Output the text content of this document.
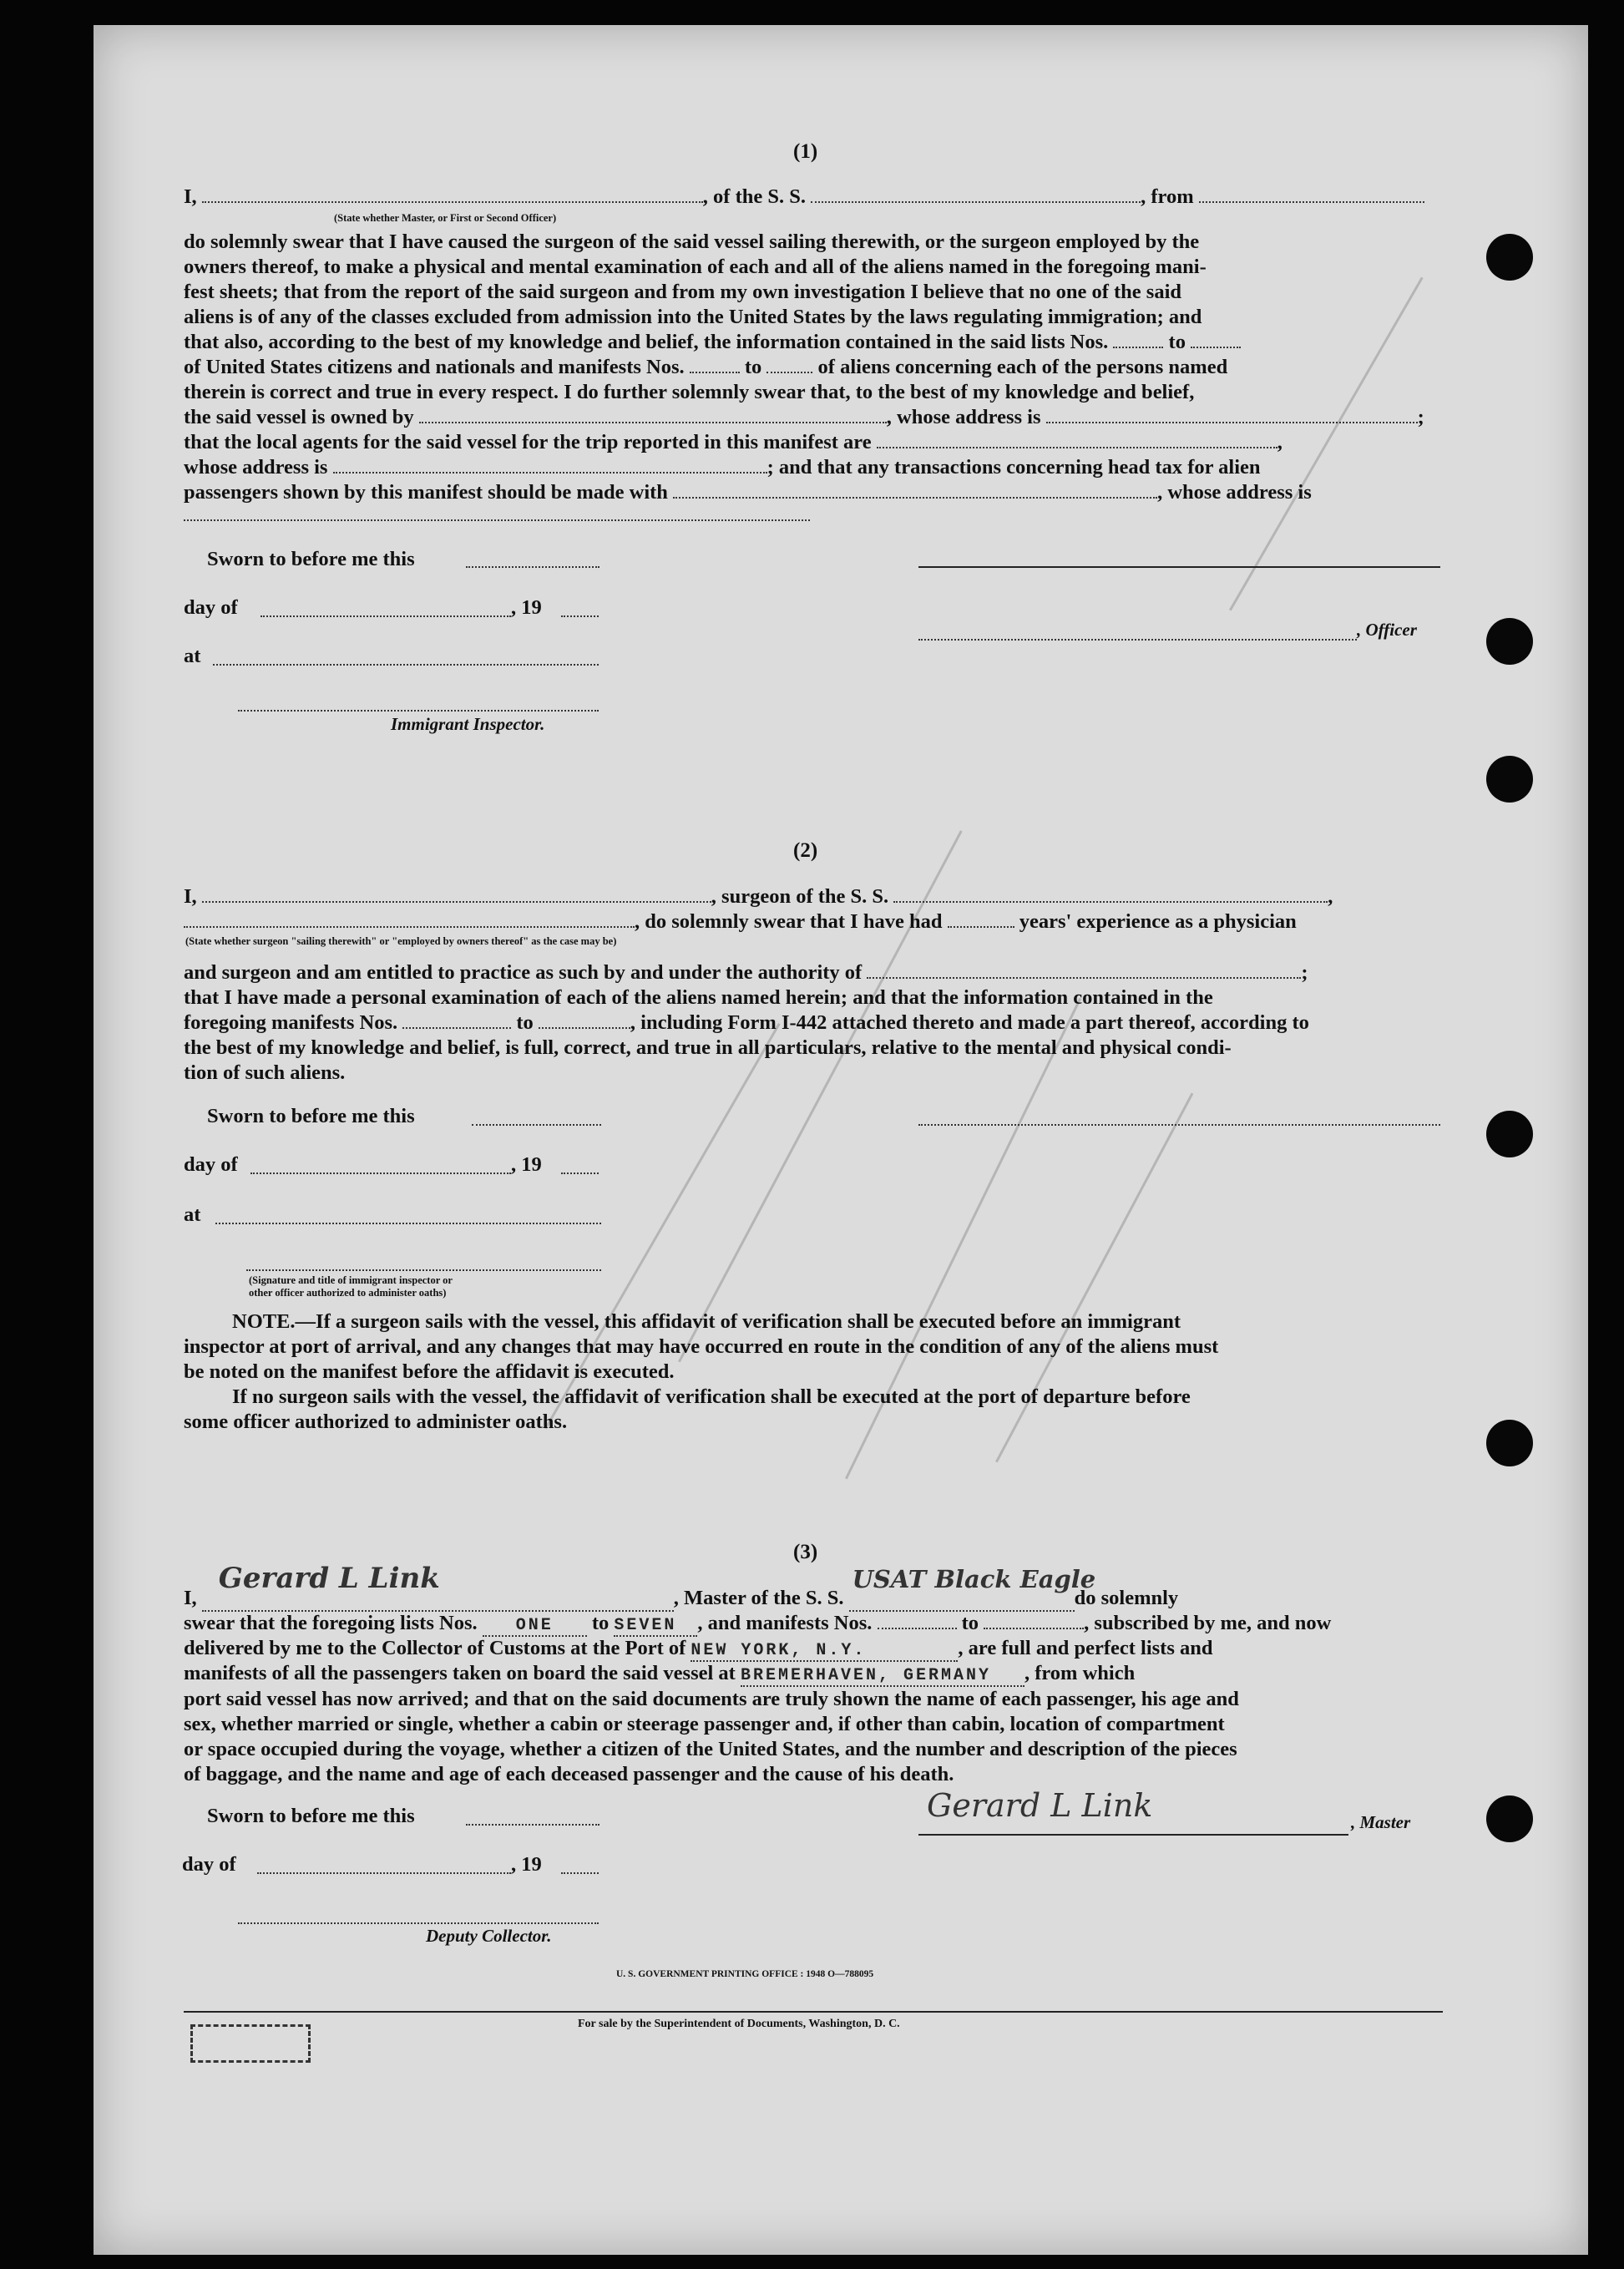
(1)
I,	, of the S. S.	, from
(State whether Master, or First or Second Officer)
do solemnly swear that I have caused the surgeon of the said vessel sailing therewith, or the surgeon employed by the
owners thereof, to make a physical and mental examination of each and all of the aliens named in the foregoing mani-
fest sheets; that from the report of the said surgeon and from my own investigation I believe that no one of the said
aliens is of any of the classes excluded from admission into the United States by the laws regulating immigration; and
that also, according to the best of my knowledge and belief, the information contained in the said lists Nos.	to
of United States citizens and nationals and manifests Nos.	to	of aliens concerning each of the persons named
therein is correct and true in every respect. I do further solemnly swear that, to the best of my knowledge and belief,
the said vessel is owned by	, whose address is	;
that the local agents for the said vessel for the trip reported in this manifest are	,
whose address is	; and that any transactions concerning head tax for alien
passengers shown by this manifest should be made with	, whose address is
Sworn to before me this
day of	, 19
, Officer
at
Immigrant Inspector.
(2)
I,	, surgeon of the S. S.	,
, do solemnly swear that I have had	years' experience as a physician
(State whether surgeon "sailing therewith" or "employed by owners thereof" as the case may be)
and surgeon and am entitled to practice as such by and under the authority of	;
that I have made a personal examination of each of the aliens named herein; and that the information contained in the
foregoing manifests Nos.	to	, including Form I-442 attached thereto and made a part thereof, according to
the best of my knowledge and belief, is full, correct, and true in all particulars, relative to the mental and physical condi-
tion of such aliens.
Sworn to before me this
day of	, 19
at
(Signature and title of immigrant inspector or
other officer authorized to administer oaths)
NOTE.—If a surgeon sails with the vessel, this affidavit of verification shall be executed before an immigrant
inspector at port of arrival, and any changes that may have occurred en route in the condition of any of the aliens must
be noted on the manifest before the affidavit is executed.
If no surgeon sails with the vessel, the affidavit of verification shall be executed at the port of departure before
some officer authorized to administer oaths.
(3)
I,
Gerard L Link
, Master of the S. S.
USAT Black Eagle
do solemnly
swear that the foregoing lists Nos. ONE to SEVEN , and manifests Nos.	to	, subscribed by me, and now
delivered by me to the Collector of Customs at the Port of NEW YORK, N.Y.	, are full and perfect lists and
manifests of all the passengers taken on board the said vessel at BREMERHAVEN, GERMANY , from which
port said vessel has now arrived; and that on the said documents are truly shown the name of each passenger, his age and
sex, whether married or single, whether a cabin or steerage passenger and, if other than cabin, location of compartment
or space occupied during the voyage, whether a citizen of the United States, and the number and description of the pieces
of baggage, and the name and age of each deceased passenger and the cause of his death.
Sworn to before me this	Gerard L Link	, Master
day of	, 19
Deputy Collector.
U. S. GOVERNMENT PRINTING OFFICE : 1948 O—788095
For sale by the Superintendent of Documents, Washington, D. C.
